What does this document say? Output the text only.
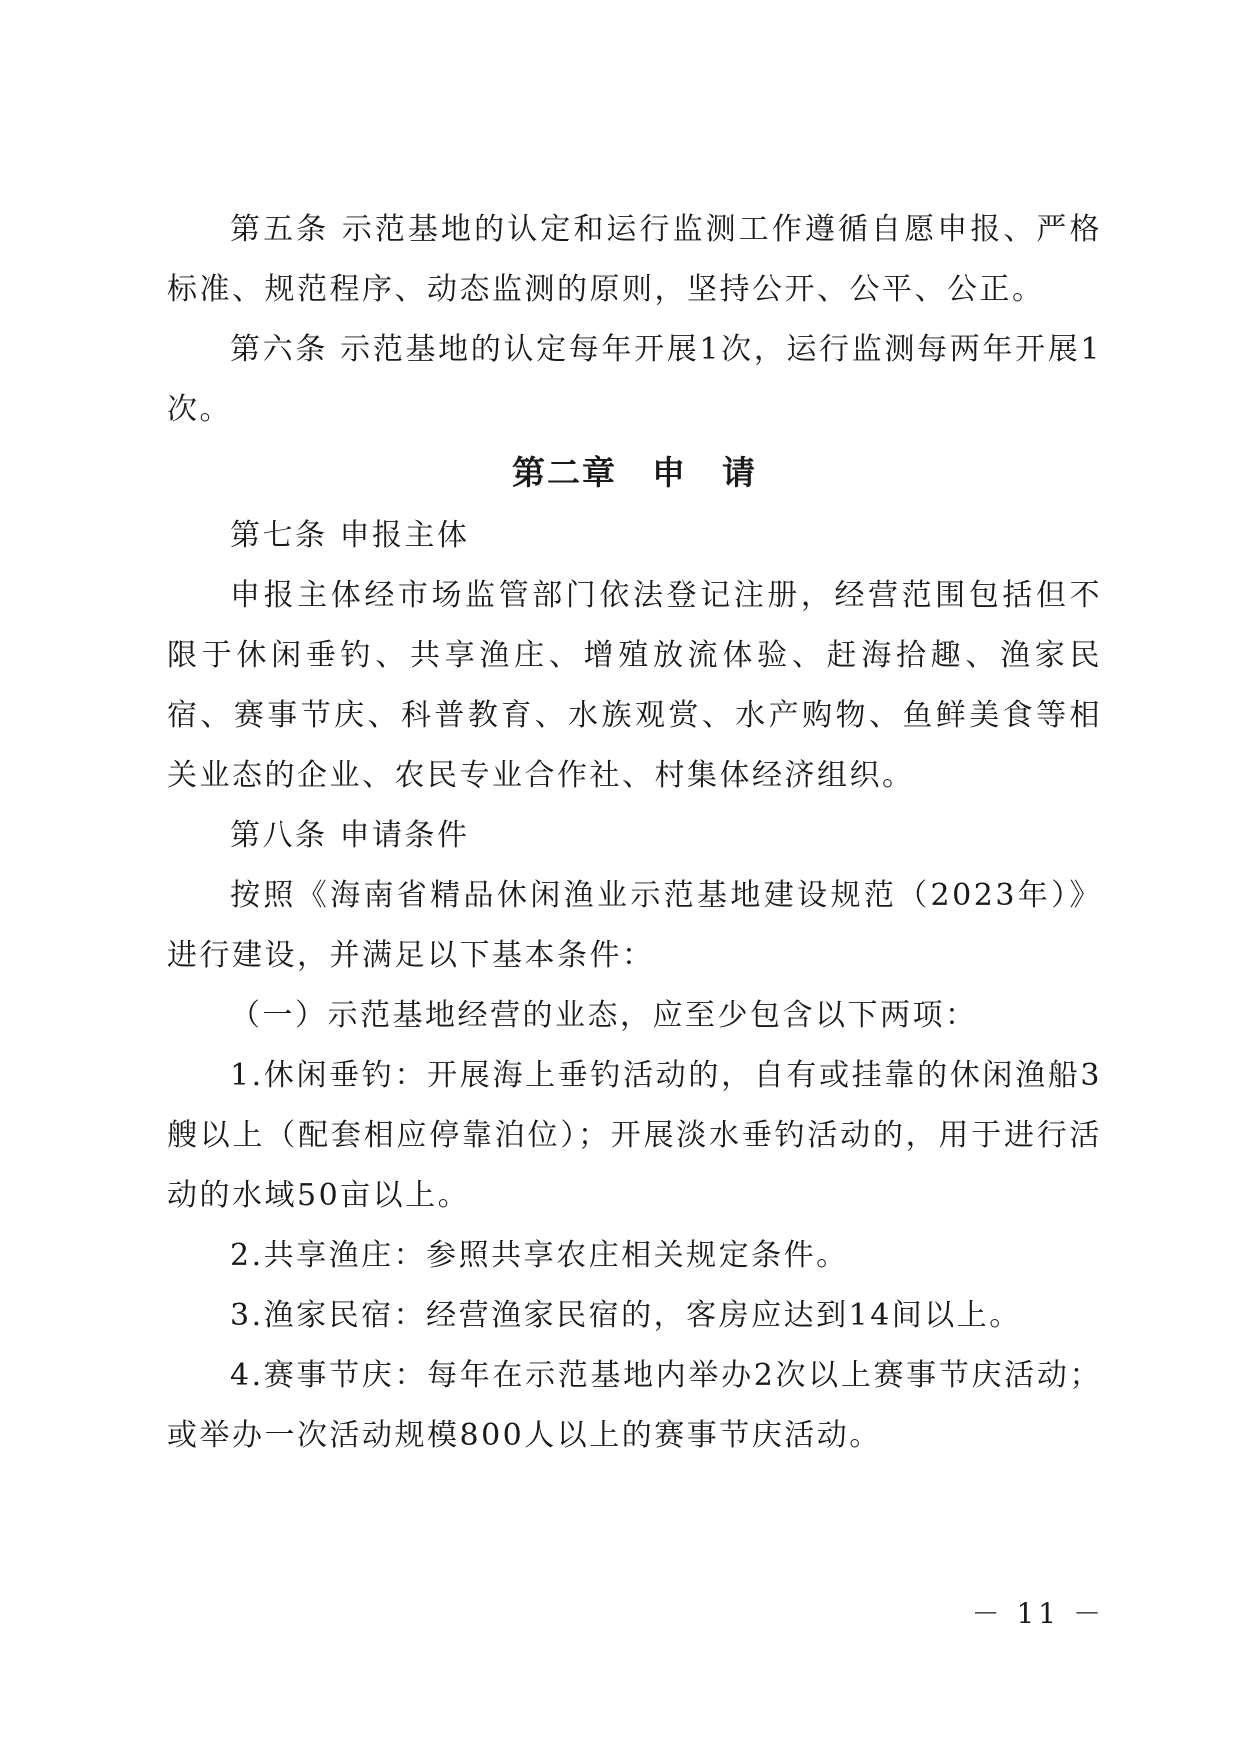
第五条 示范基地的认定和运行监测工作遵循自愿申报、严格标准、规范程序、动态监测的原则，坚持公开、公平、公正。

第六条 示范基地的认定每年开展1次，运行监测每两年开展1次。

第二章　申　请

第七条 申报主体

申报主体经市场监管部门依法登记注册，经营范围包括但不限于休闲垂钓、共享渔庄、增殖放流体验、赶海拾趣、渔家民宿、赛事节庆、科普教育、水族观赏、水产购物、鱼鲜美食等相关业态的企业、农民专业合作社、村集体经济组织。

第八条 申请条件

按照《海南省精品休闲渔业示范基地建设规范（2023年）》进行建设，并满足以下基本条件：

（一）示范基地经营的业态，应至少包含以下两项：

1.休闲垂钓：开展海上垂钓活动的，自有或挂靠的休闲渔船3艘以上（配套相应停靠泊位）；开展淡水垂钓活动的，用于进行活动的水域50亩以上。

2.共享渔庄：参照共享农庄相关规定条件。

3.渔家民宿：经营渔家民宿的，客房应达到14间以上。

4.赛事节庆：每年在示范基地内举办2次以上赛事节庆活动；或举办一次活动规模800人以上的赛事节庆活动。

－ 11 －
